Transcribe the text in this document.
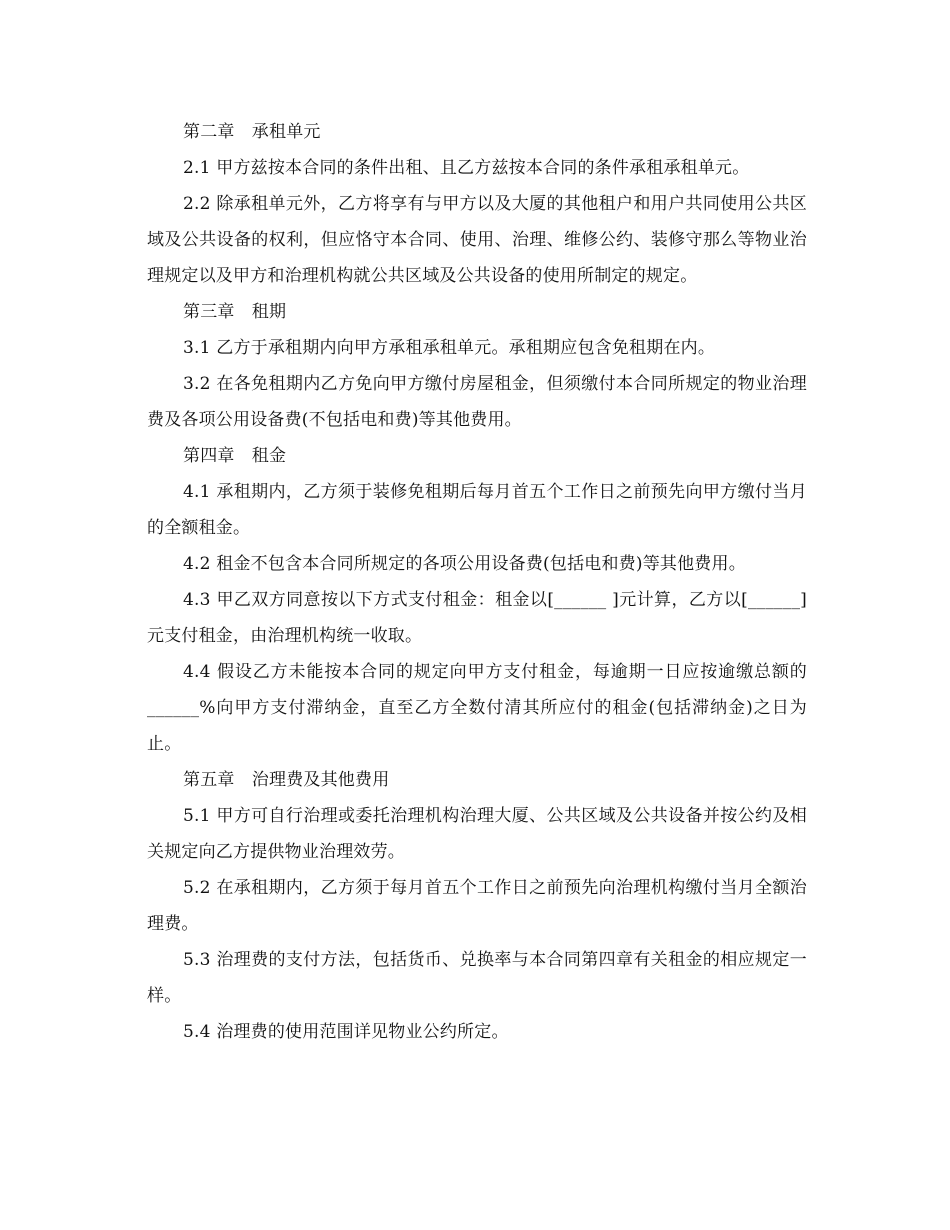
第二章　承租单元

2.1 甲方兹按本合同的条件出租、且乙方兹按本合同的条件承租承租单元。

2.2 除承租单元外，乙方将享有与甲方以及大厦的其他租户和用户共同使用公共区域及公共设备的权利，但应恪守本合同、使用、治理、维修公约、装修守那么等物业治理规定以及甲方和治理机构就公共区域及公共设备的使用所制定的规定。

第三章　租期

3.1 乙方于承租期内向甲方承租承租单元。承租期应包含免租期在内。

3.2 在各免租期内乙方免向甲方缴付房屋租金，但须缴付本合同所规定的物业治理费及各项公用设备费(不包括电和费)等其他费用。

第四章　租金

4.1 承租期内，乙方须于装修免租期后每月首五个工作日之前预先向甲方缴付当月的全额租金。

4.2 租金不包含本合同所规定的各项公用设备费(包括电和费)等其他费用。

4.3 甲乙双方同意按以下方式支付租金：租金以[______ ]元计算，乙方以[______]元支付租金，由治理机构统一收取。

4.4 假设乙方未能按本合同的规定向甲方支付租金，每逾期一日应按逾缴总额的______%向甲方支付滞纳金，直至乙方全数付清其所应付的租金(包括滞纳金)之日为止。

第五章　治理费及其他费用

5.1 甲方可自行治理或委托治理机构治理大厦、公共区域及公共设备并按公约及相关规定向乙方提供物业治理效劳。

5.2 在承租期内，乙方须于每月首五个工作日之前预先向治理机构缴付当月全额治理费。

5.3 治理费的支付方法，包括货币、兑换率与本合同第四章有关租金的相应规定一样。

5.4 治理费的使用范围详见物业公约所定。
